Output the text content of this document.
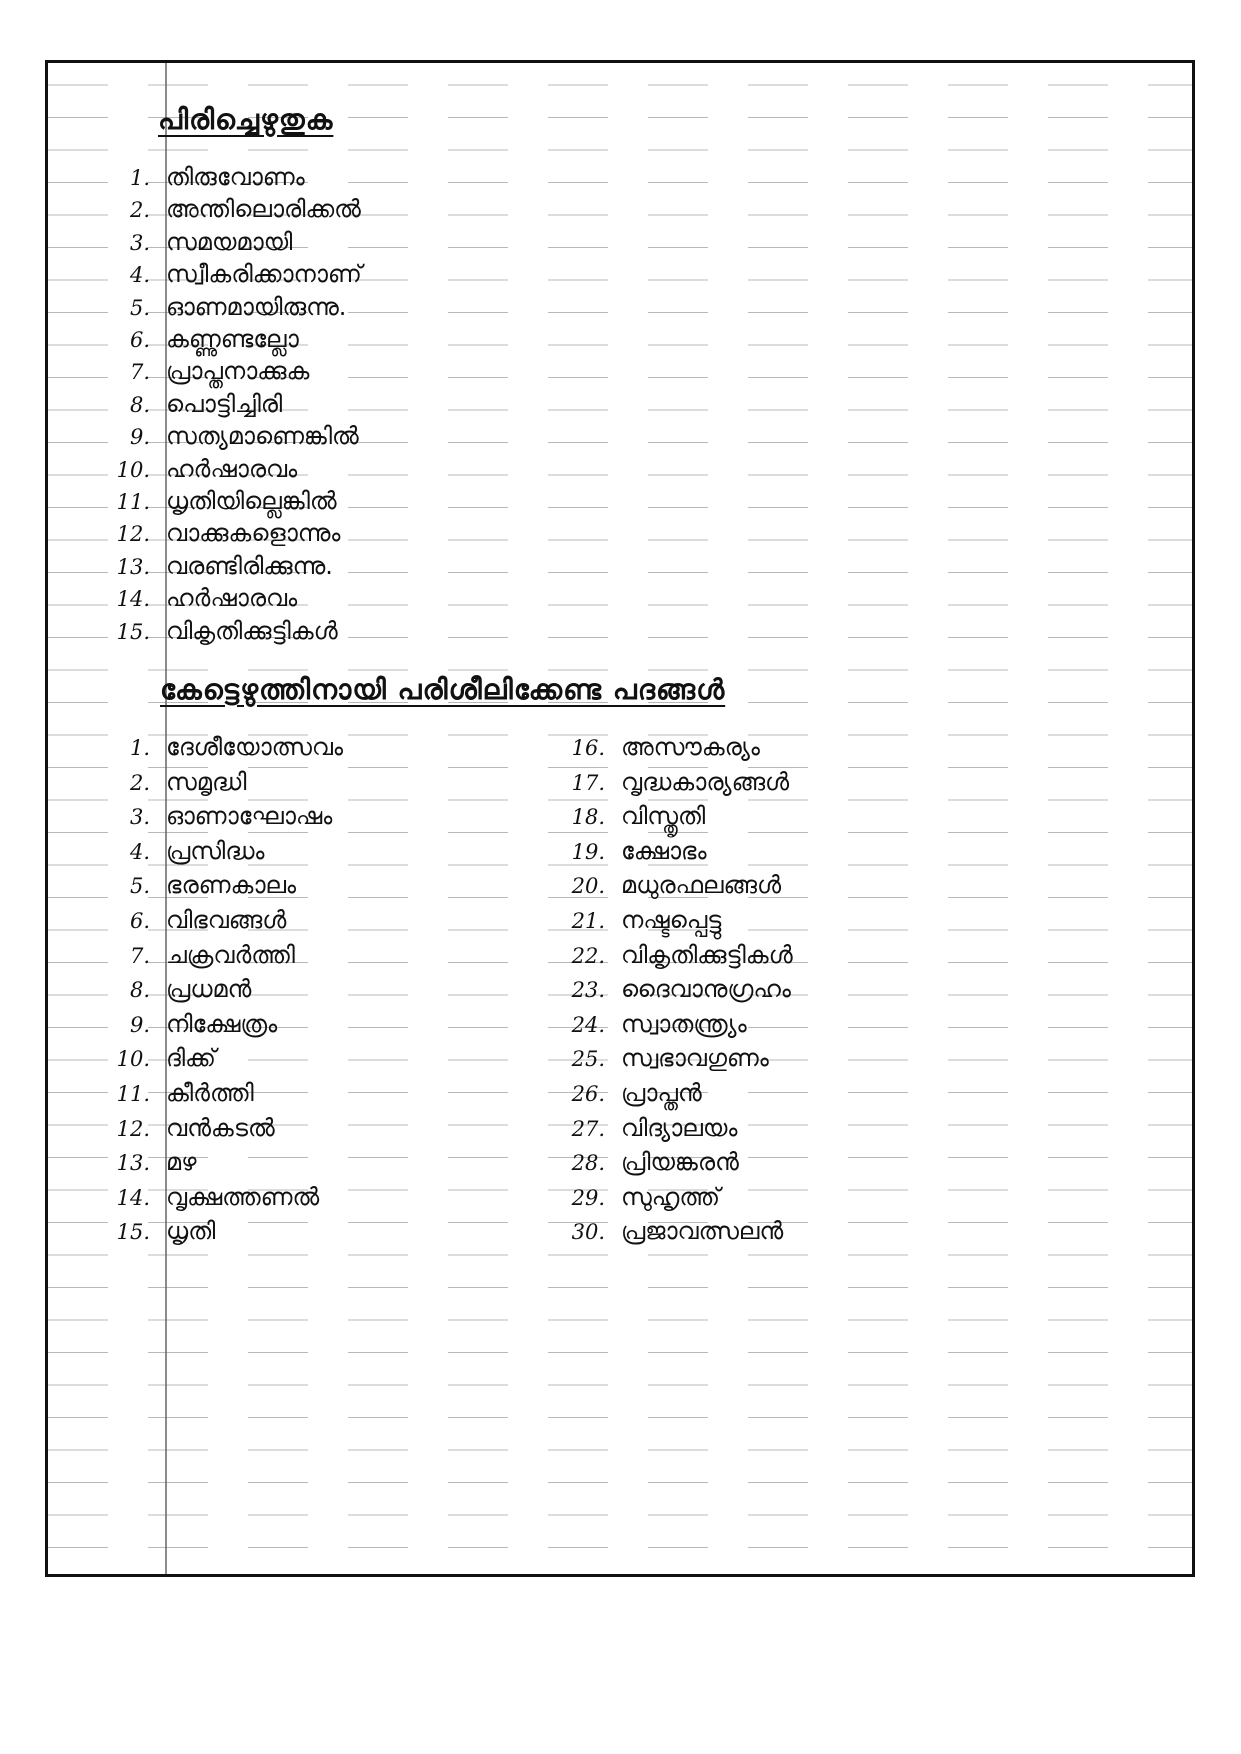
പിരിച്ചെഴുതുക
1. തിരുവോണം
2. അന്തിലൊരിക്കൽ
3. സമയമായി
4. സ്വീകരിക്കാനാണ്
5. ഓണമായിരുന്നു.
6. കണ്ണുണ്ടല്ലോ
7. പ്രാപ്തനാക്കുക
8. പൊട്ടിച്ചിരി
9. സത്യമാണെങ്കിൽ
10. ഹർഷാരവം
11. ധൃതിയില്ലെങ്കിൽ
12. വാക്കുകളൊന്നും
13. വരണ്ടിരിക്കുന്നു.
14. ഹർഷാരവം
15. വികൃതിക്കുട്ടികൾ
കേട്ടെഴുത്തിനായി പരിശീലിക്കേണ്ട പദങ്ങൾ
1. ദേശീയോത്സവം
2. സമൃദ്ധി
3. ഓണാഘോഷം
4. പ്രസിദ്ധം
5. ഭരണകാലം
6. വിഭവങ്ങൾ
7. ചക്രവർത്തി
8. പ്രധമൻ
9. നിക്ഷേത്രം
10. ദിക്ക്
11. കീർത്തി
12. വൻകടൽ
13. മഴ
14. വൃക്ഷത്തണൽ
15. ധൃതി
16. അസൗകര്യം
17. വൃദ്ധകാര്യങ്ങൾ
18. വിസ്തൃതി
19. ക്ഷോഭം
20. മധുരഫലങ്ങൾ
21. നഷ്ടപ്പെട്ടു
22. വികൃതിക്കുട്ടികൾ
23. ദൈവാനുഗ്രഹം
24. സ്വാതന്ത്ര്യം
25. സ്വഭാവഗുണം
26. പ്രാപ്തൻ
27. വിദ്യാലയം
28. പ്രിയങ്കരൻ
29. സുഹൃത്ത്
30. പ്രജാവത്സലൻ
